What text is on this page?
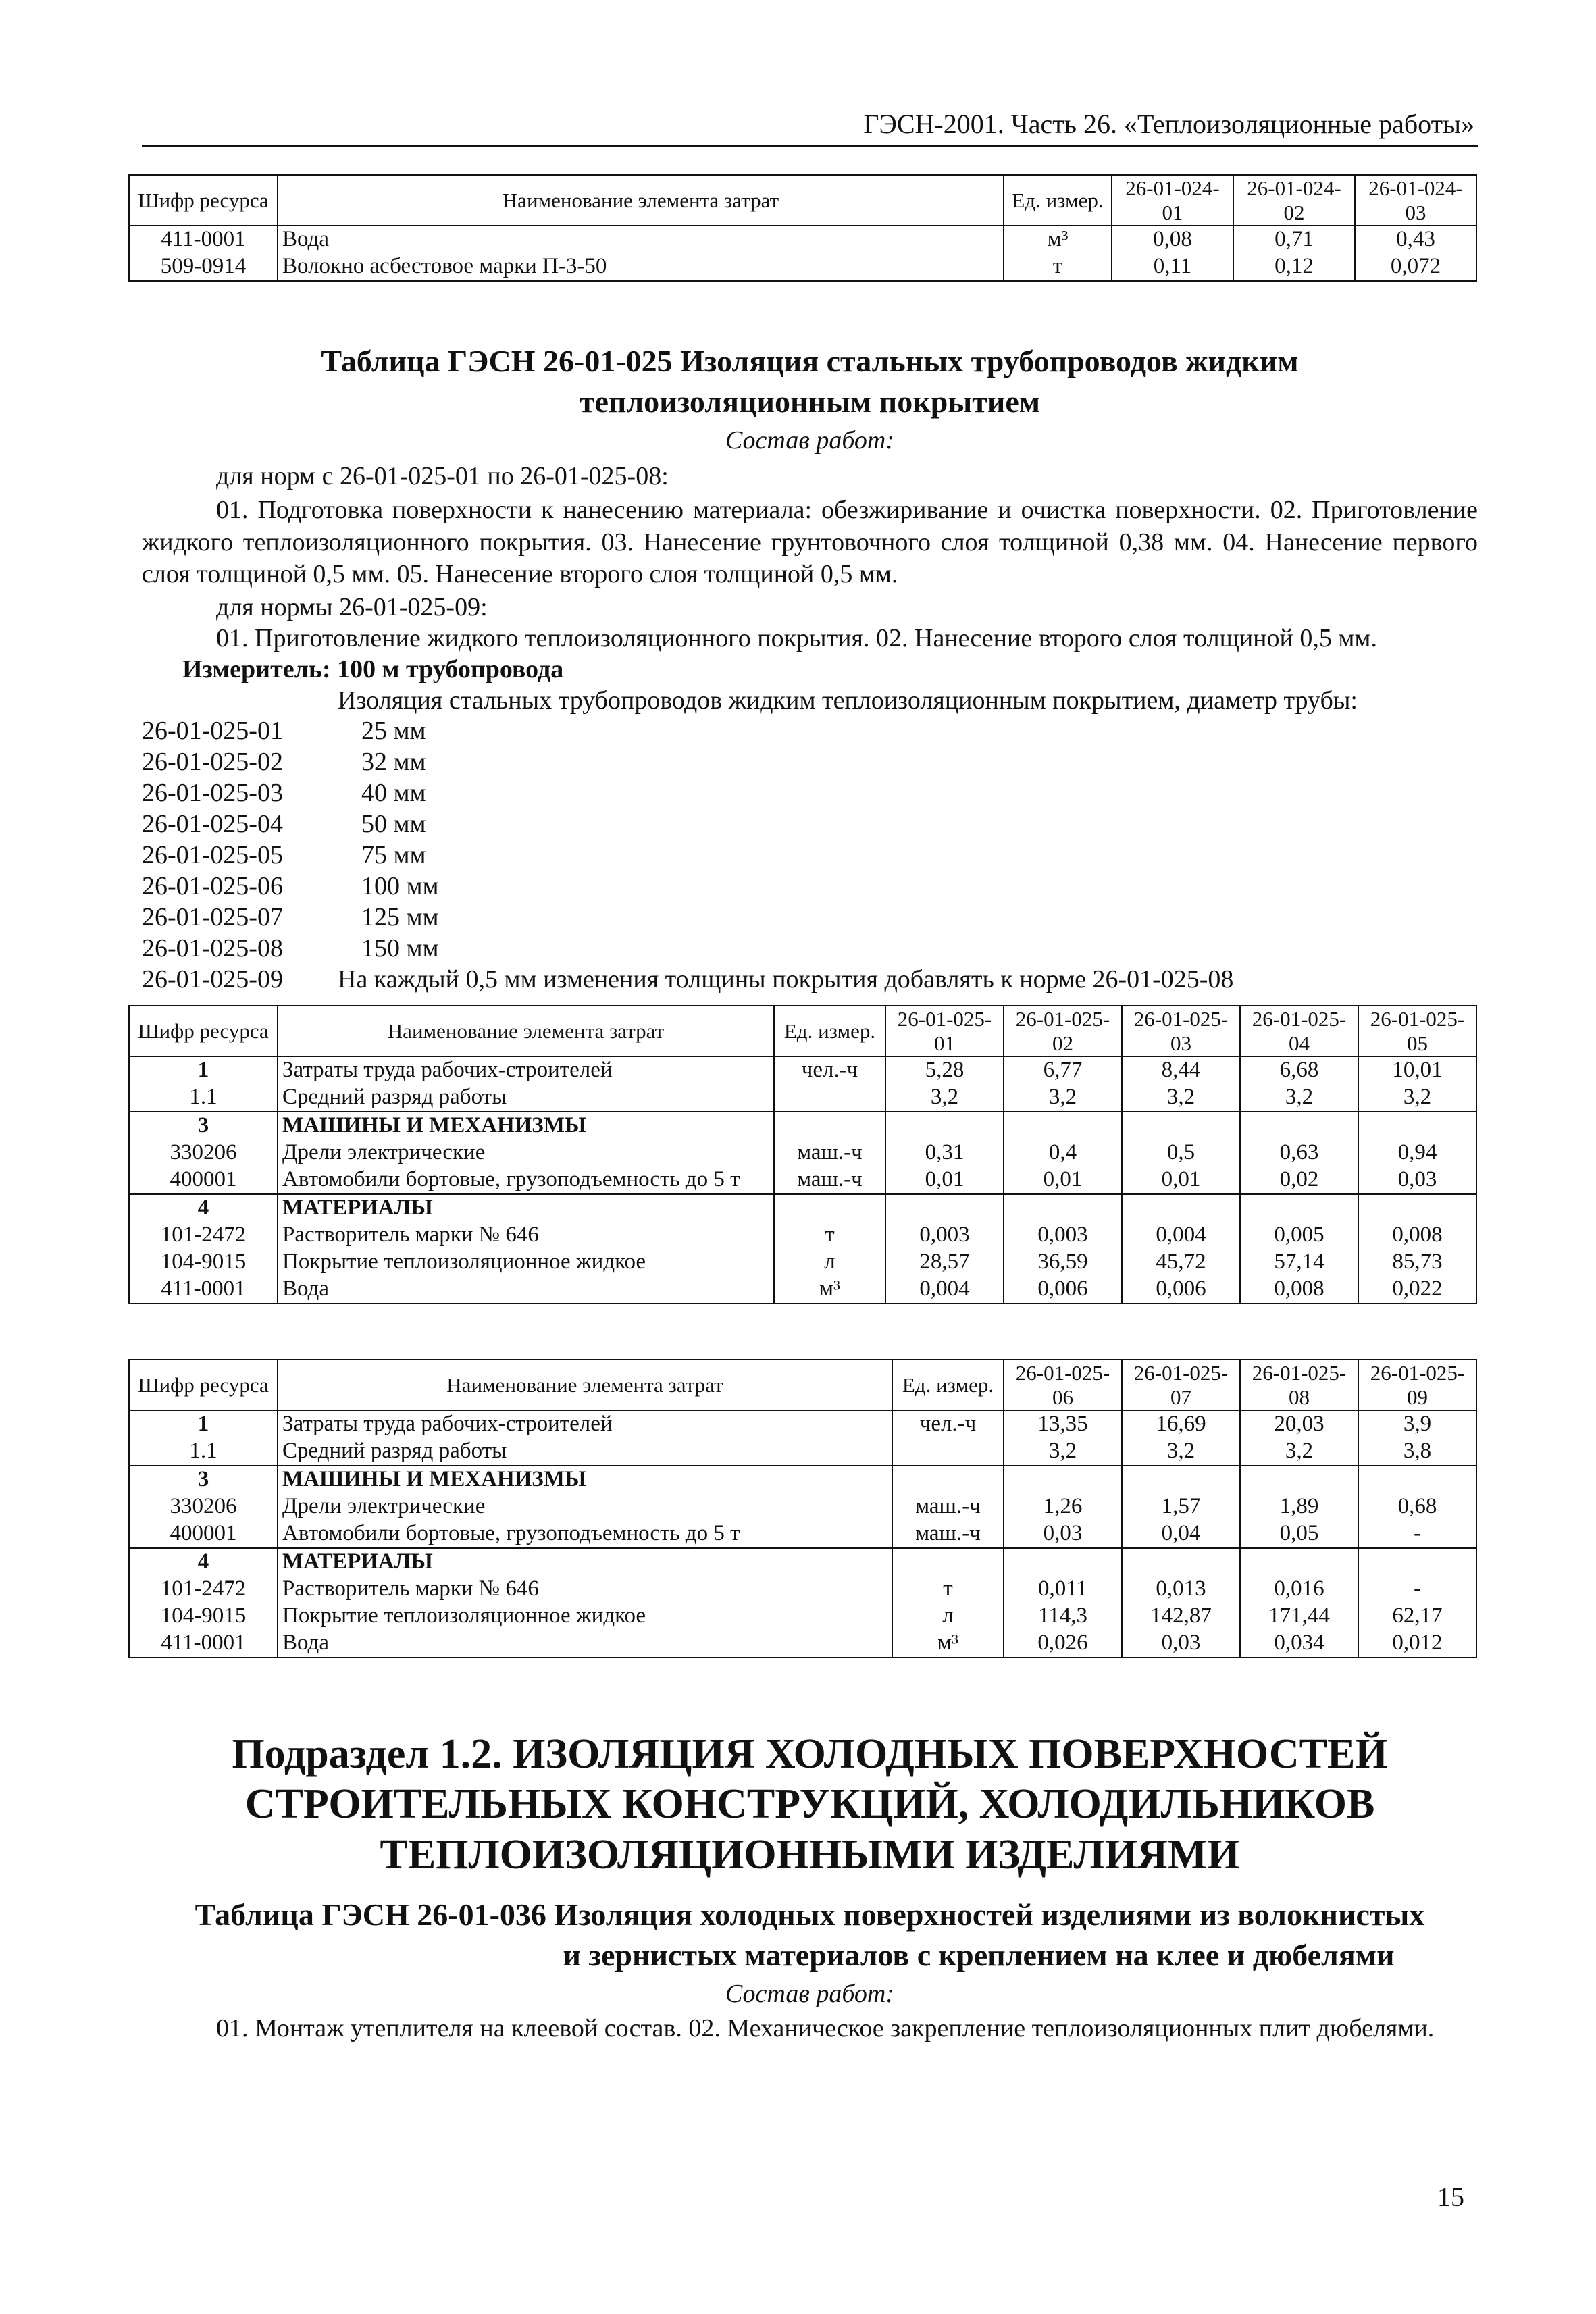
ГЭСН-2001. Часть 26. «Теплоизоляционные работы»
Шифр ресурса	Наименование элемента затрат	Ед. измер.	26-01-024-01	26-01-024-02	26-01-024-03
411-0001	Вода	м³	0,08	0,71	0,43
509-0914	Волокно асбестовое марки П-3-50	т	0,11	0,12	0,072
Таблица ГЭСН 26-01-025 Изоляция стальных трубопроводов жидким
теплоизоляционным покрытием
Состав работ:
для норм с 26-01-025-01 по 26-01-025-08:
01. Подготовка поверхности к нанесению материала: обезжиривание и очистка поверхности. 02. Приготовление жидкого теплоизоляционного покрытия. 03. Нанесение грунтовочного слоя толщиной 0,38 мм. 04. Нанесение первого слоя толщиной 0,5 мм. 05. Нанесение второго слоя толщиной 0,5 мм.
для нормы 26-01-025-09:
01. Приготовление жидкого теплоизоляционного покрытия. 02. Нанесение второго слоя толщиной 0,5 мм.
Измеритель: 100 м трубопровода
Изоляция стальных трубопроводов жидким теплоизоляционным покрытием, диаметр трубы:
26-01-025-01	25 мм
26-01-025-02	32 мм
26-01-025-03	40 мм
26-01-025-04	50 мм
26-01-025-05	75 мм
26-01-025-06	100 мм
26-01-025-07	125 мм
26-01-025-08	150 мм
26-01-025-09 На каждый 0,5 мм изменения толщины покрытия добавлять к норме 26-01-025-08
Шифр ресурса	Наименование элемента затрат	Ед. измер.	26-01-025-01	26-01-025-02	26-01-025-03	26-01-025-04	26-01-025-05
1	Затраты труда рабочих-строителей	чел.-ч	5,28	6,77	8,44	6,68	10,01
1.1	Средний разряд работы		3,2	3,2	3,2	3,2	3,2
3	МАШИНЫ И МЕХАНИЗМЫ						
330206	Дрели электрические	маш.-ч	0,31	0,4	0,5	0,63	0,94
400001	Автомобили бортовые, грузоподъемность до 5 т	маш.-ч	0,01	0,01	0,01	0,02	0,03
4	МАТЕРИАЛЫ						
101-2472	Растворитель марки № 646	т	0,003	0,003	0,004	0,005	0,008
104-9015	Покрытие теплоизоляционное жидкое	л	28,57	36,59	45,72	57,14	85,73
411-0001	Вода	м³	0,004	0,006	0,006	0,008	0,022
Шифр ресурса	Наименование элемента затрат	Ед. измер.	26-01-025-06	26-01-025-07	26-01-025-08	26-01-025-09
1	Затраты труда рабочих-строителей	чел.-ч	13,35	16,69	20,03	3,9
1.1	Средний разряд работы		3,2	3,2	3,2	3,8
3	МАШИНЫ И МЕХАНИЗМЫ					
330206	Дрели электрические	маш.-ч	1,26	1,57	1,89	0,68
400001	Автомобили бортовые, грузоподъемность до 5 т	маш.-ч	0,03	0,04	0,05	-
4	МАТЕРИАЛЫ					
101-2472	Растворитель марки № 646	т	0,011	0,013	0,016	-
104-9015	Покрытие теплоизоляционное жидкое	л	114,3	142,87	171,44	62,17
411-0001	Вода	м³	0,026	0,03	0,034	0,012
Подраздел 1.2. ИЗОЛЯЦИЯ ХОЛОДНЫХ ПОВЕРХНОСТЕЙ
СТРОИТЕЛЬНЫХ КОНСТРУКЦИЙ, ХОЛОДИЛЬНИКОВ
ТЕПЛОИЗОЛЯЦИОННЫМИ ИЗДЕЛИЯМИ
Таблица ГЭСН 26-01-036 Изоляция холодных поверхностей изделиями из волокнистых
и зернистых материалов с креплением на клее и дюбелями
Состав работ:
01. Монтаж утеплителя на клеевой состав. 02. Механическое закрепление теплоизоляционных плит дюбелями.
15
